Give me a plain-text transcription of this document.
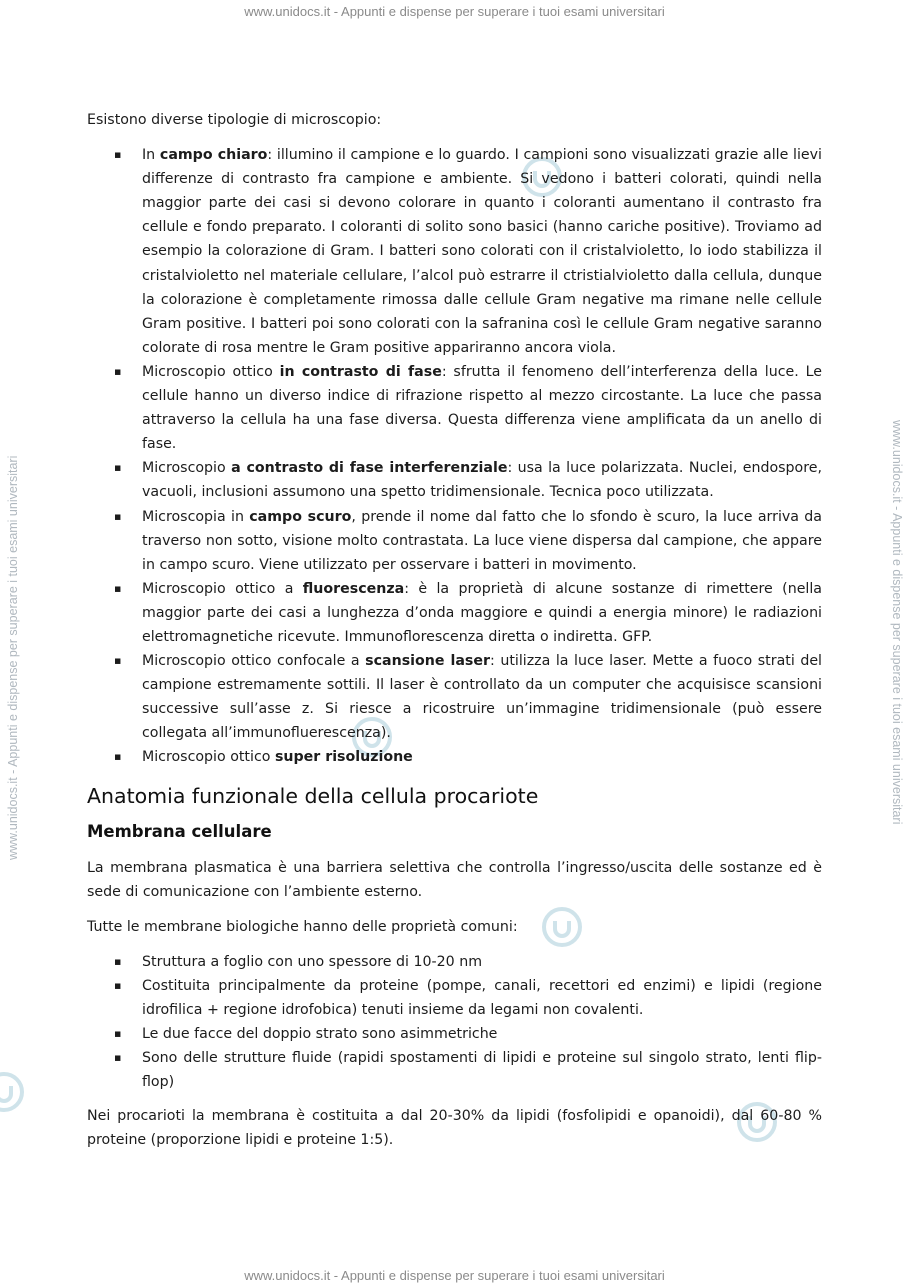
www.unidocs.it - Appunti e dispense per superare i tuoi esami universitari
www.unidocs.it - Appunti e dispense per superare i tuoi esami universitari
www.unidocs.it - Appunti e dispense per superare i tuoi esami universitari	www.unidocs.it - Appunti e dispense per superare i tuoi esami universitari

Esistono diverse tipologie di microscopio:

▪ In campo chiaro: illumino il campione e lo guardo. I campioni sono visualizzati grazie alle lievi differenze di contrasto fra campione e ambiente. Si vedono i batteri colorati, quindi nella maggior parte dei casi si devono colorare in quanto i coloranti aumentano il contrasto fra cellule e fondo preparato. I coloranti di solito sono basici (hanno cariche positive). Troviamo ad esempio la colorazione di Gram. I batteri sono colorati con il cristalvioletto, lo iodo stabilizza il cristalvioletto nel materiale cellulare, l’alcol può estrarre il ctristialvioletto dalla cellula, dunque la colorazione è completamente rimossa dalle cellule Gram negative ma rimane nelle cellule Gram positive. I batteri poi sono colorati con la safranina così le cellule Gram negative saranno colorate di rosa mentre le Gram positive appariranno ancora viola.
▪ Microscopio ottico in contrasto di fase: sfrutta il fenomeno dell’interferenza della luce. Le cellule hanno un diverso indice di rifrazione rispetto al mezzo circostante. La luce che passa attraverso la cellula ha una fase diversa. Questa differenza viene amplificata da un anello di fase.
▪ Microscopio a contrasto di fase interferenziale: usa la luce polarizzata. Nuclei, endospore, vacuoli, inclusioni assumono una spetto tridimensionale. Tecnica poco utilizzata.
▪ Microscopia in campo scuro, prende il nome dal fatto che lo sfondo è scuro, la luce arriva da traverso non sotto, visione molto contrastata. La luce viene dispersa dal campione, che appare in campo scuro. Viene utilizzato per osservare i batteri in movimento.
▪ Microscopio ottico a fluorescenza: è la proprietà di alcune sostanze di rimettere (nella maggior parte dei casi a lunghezza d’onda maggiore e quindi a energia minore) le radiazioni elettromagnetiche ricevute. Immunoflorescenza diretta o indiretta. GFP.
▪ Microscopio ottico confocale a scansione laser: utilizza la luce laser. Mette a fuoco strati del campione estremamente sottili. Il laser è controllato da un computer che acquisisce scansioni successive sull’asse z. Si riesce a ricostruire un’immagine tridimensionale (può essere collegata all’immunofluerescenza).
▪ Microscopio ottico super risoluzione
Anatomia funzionale della cellula procariote
Membrana cellulare

La membrana plasmatica è una barriera selettiva che controlla l’ingresso/uscita delle sostanze ed è sede di comunicazione con l’ambiente esterno.

Tutte le membrane biologiche hanno delle proprietà comuni:

▪ Struttura a foglio con uno spessore di 10-20 nm
▪ Costituita principalmente da proteine (pompe, canali, recettori ed enzimi) e lipidi (regione idrofilica + regione idrofobica) tenuti insieme da legami non covalenti.
▪ Le due facce del doppio strato sono asimmetriche
▪ Sono delle strutture fluide (rapidi spostamenti di lipidi e proteine sul singolo strato, lenti flip-flop)

Nei procarioti la membrana è costituita a dal 20-30% da lipidi (fosfolipidi e opanoidi), dal 60-80 % proteine (proporzione lipidi e proteine 1:5).
